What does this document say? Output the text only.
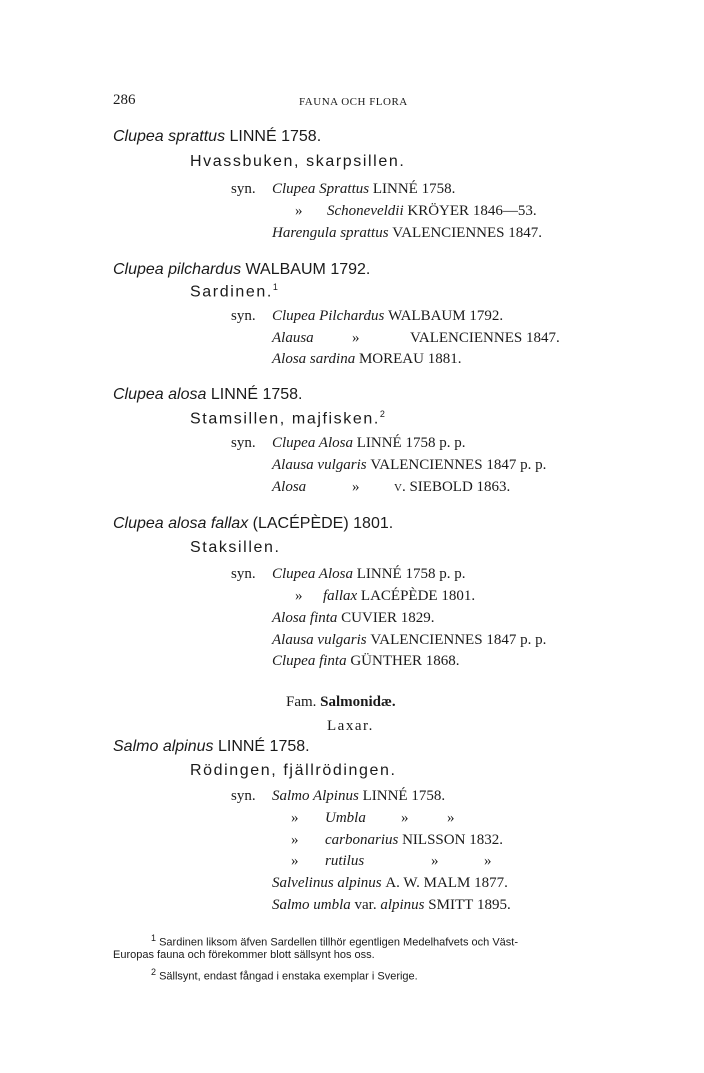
286	FAUNA OCH FLORA
Clupea sprattus LINNÉ 1758.
Hvassbuken, skarpsillen.
syn. Clupea Sprattus LINNÉ 1758.
» Schoneveldii KRÖYER 1846—53.
Harengula sprattus VALENCIENNES 1847.
Clupea pilchardus WALBAUM 1792.
Sardinen.$^1$
syn. Clupea Pilchardus WALBAUM 1792.
Alausa	»	VALENCIENNES 1847.
Alosa sardina MOREAU 1881.
Clupea alosa LINNÉ 1758.
Stamsillen, majfisken.$^2$
syn. Clupea Alosa LINNÉ 1758 p. p.
Alausa vulgaris VALENCIENNES 1847 p. p.
Alosa	» v. SIEBOLD 1863.
Clupea alosa fallax (LACÉPÈDE) 1801.
Staksillen.
syn. Clupea Alosa LINNÉ 1758 p. p.
» fallax LACÉPÈDE 1801.
Alosa finta CUVIER 1829.
Alausa vulgaris VALENCIENNES 1847 p. p.
Clupea finta GÜNTHER 1868.
Fam. Salmonidæ.
Laxar.
Salmo alpinus LINNÉ 1758.
Rödingen, fjällrödingen.
syn. Salmo Alpinus LINNÉ 1758.
» Umbla »	»
» carbonarius NILSSON 1832.
» rutilus	»	»
Salvelinus alpinus A. W. MALM 1877.
Salmo umbla var. alpinus SMITT 1895.
$^1$ Sardinen liksom äfven Sardellen tillhör egentligen Medelhafvets och Väst-
Europas fauna och förekommer blott sällsynt hos oss.
$^2$ Sällsynt, endast fångad i enstaka exemplar i Sverige.
